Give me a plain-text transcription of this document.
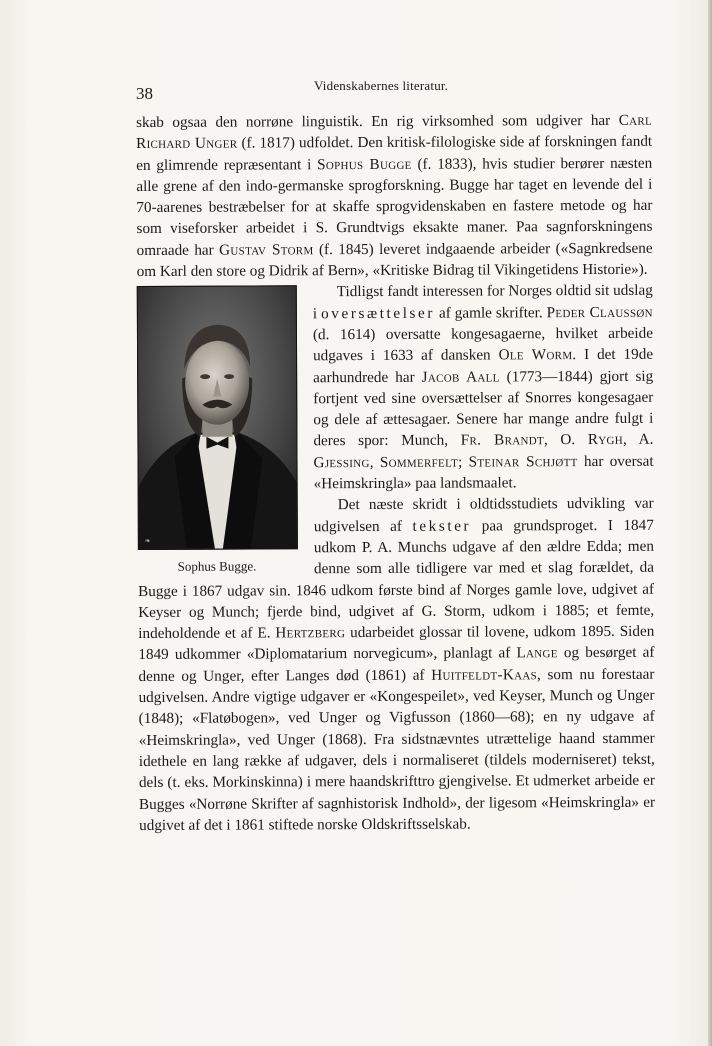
38	Videnskabernes literatur.

skab ogsaa den norrøne linguistik. En rig virksomhed som udgiver har Carl Richard Unger (f. 1817) udfoldet. Den kritisk-filologiske side af forskningen fandt en glimrende repræsentant i Sophus Bugge (f. 1833), hvis studier berører næsten alle grene af den indo-germanske sprogforskning. Bugge har taget en levende del i 70-aarenes bestræbelser for at skaffe sprogvidenskaben en fastere metode og har som viseforsker arbeidet i S. Grundtvigs eksakte maner. Paa sagnforskningens omraade har Gustav Storm (f. 1845) leveret indgaaende arbeider («Sagnkredsene om Karl den store og Didrik af Bern», «Kritiske Bidrag til Vikingetidens Historie»).

❧
Sophus Bugge.

Tidligst fandt interessen for Norges oldtid sit udslag i oversættelser af gamle skrifter. Peder Claussøn (d. 1614) oversatte kongesagaerne, hvilket arbeide udgaves i 1633 af dansken Ole Worm. I det 19de aarhundrede har Jacob Aall (1773—1844) gjort sig fortjent ved sine oversættelser af Snorres kongesagaer og dele af ættesagaer. Senere har mange andre fulgt i deres spor: Munch, Fr. Brandt, O. Rygh, A. Gjessing, Sommerfelt; Steinar Schjøtt har oversat «Heimskringla» paa landsmaalet.

Det næste skridt i oldtidsstudiets udvikling var udgivelsen af tekster paa grundsproget. I 1847 udkom P. A. Munchs udgave af den ældre Edda; men denne som alle tidligere var med et slag forældet, da Bugge i 1867 udgav sin. 1846 udkom første bind af Norges gamle love, udgivet af Keyser og Munch; fjerde bind, udgivet af G. Storm, udkom i 1885; et femte, indeholdende et af E. Hertzberg udarbeidet glossar til lovene, udkom 1895. Siden 1849 udkommer «Diplomatarium norvegicum», planlagt af Lange og besørget af denne og Unger, efter Langes død (1861) af Huitfeldt-Kaas, som nu forestaar udgivelsen. Andre vigtige udgaver er «Kongespeilet», ved Keyser, Munch og Unger (1848); «Flatøbogen», ved Unger og Vigfusson (1860—68); en ny udgave af «Heimskringla», ved Unger (1868). Fra sidstnævntes utrættelige haand stammer idethele en lang række af udgaver, dels i normaliseret (tildels moderniseret) tekst, dels (t. eks. Morkinskinna) i mere haandskrifttro gjengivelse. Et udmerket arbeide er Bugges «Norrøne Skrifter af sagnhistorisk Indhold», der ligesom «Heimskringla» er udgivet af det i 1861 stiftede norske Oldskriftsselskab.
